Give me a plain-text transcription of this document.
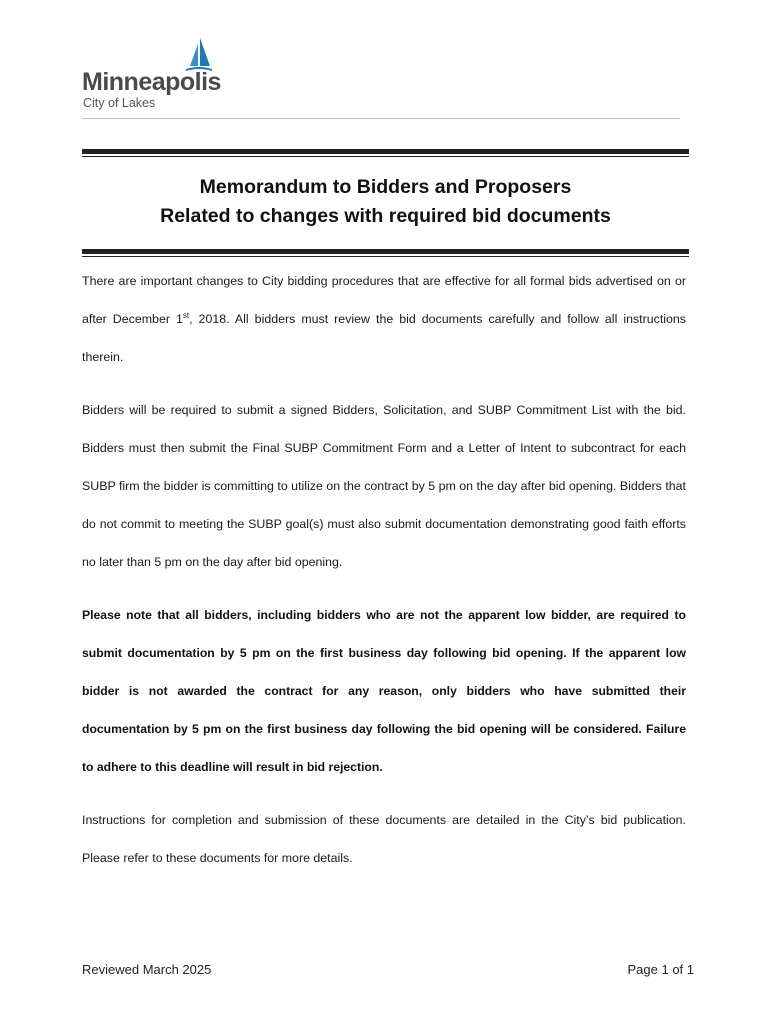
Minneapolis
City of Lakes
Memorandum to Bidders and Proposers
Related to changes with required bid documents
There are important changes to City bidding procedures that are effective for all formal bids advertised on or after December 1st, 2018. All bidders must review the bid documents carefully and follow all instructions therein.
Bidders will be required to submit a signed Bidders, Solicitation, and SUBP Commitment List with the bid. Bidders must then submit the Final SUBP Commitment Form and a Letter of Intent to subcontract for each SUBP firm the bidder is committing to utilize on the contract by 5 pm on the day after bid opening. Bidders that do not commit to meeting the SUBP goal(s) must also submit documentation demonstrating good faith efforts no later than 5 pm on the day after bid opening.
Please note that all bidders, including bidders who are not the apparent low bidder, are required to submit documentation by 5 pm on the first business day following bid opening. If the apparent low bidder is not awarded the contract for any reason, only bidders who have submitted their documentation by 5 pm on the first business day following the bid opening will be considered. Failure to adhere to this deadline will result in bid rejection.
Instructions for completion and submission of these documents are detailed in the City’s bid publication. Please refer to these documents for more details.
Reviewed March 2025	Page 1 of 1
